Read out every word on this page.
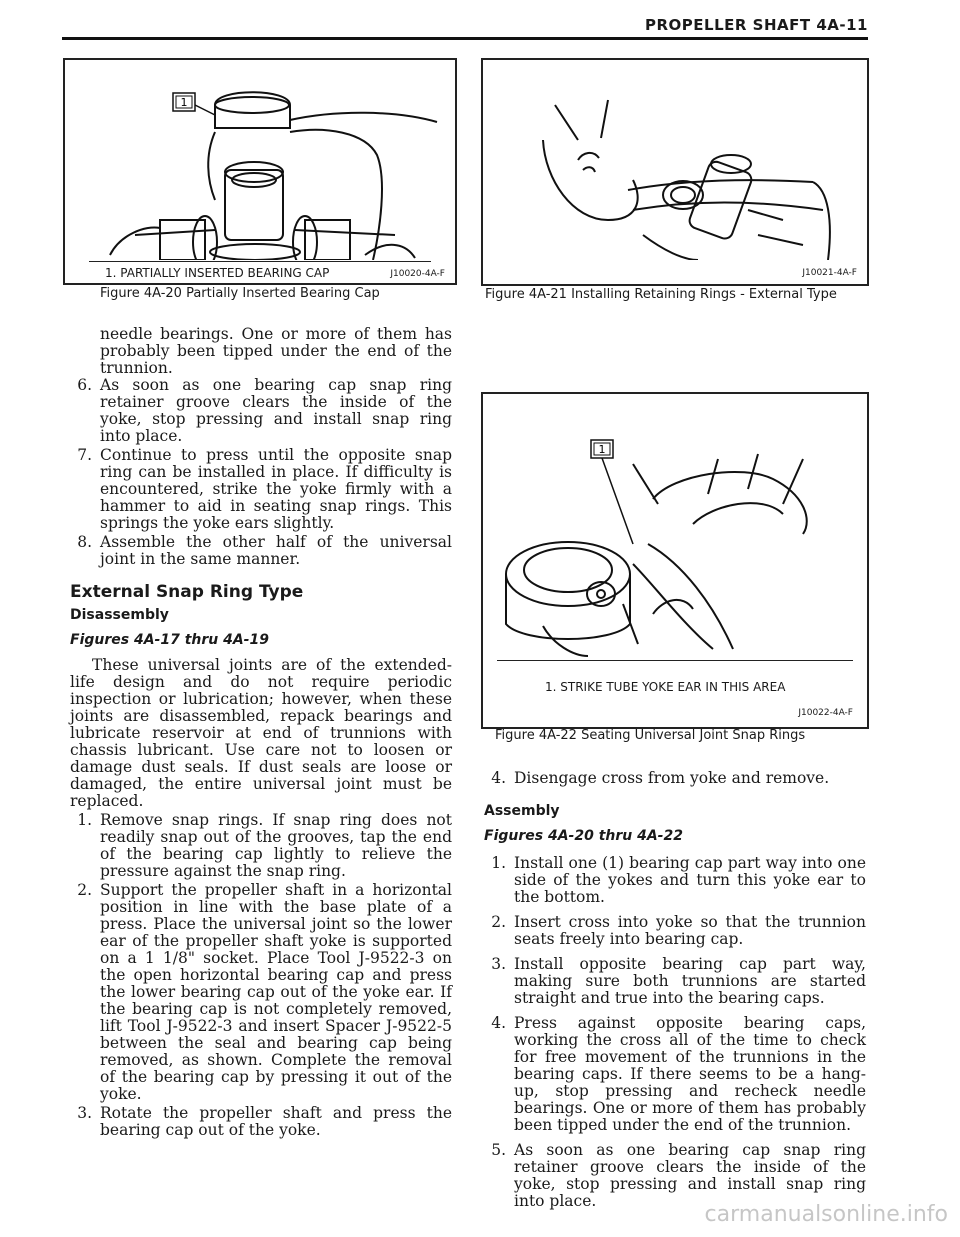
PROPELLER SHAFT 4A-11
1
1. PARTIALLY INSERTED BEARING CAP	J10020-4A-F
Figure 4A-20 Partially Inserted Bearing Cap
J10021-4A-F
Figure 4A-21 Installing Retaining Rings - External Type
1
1. STRIKE TUBE YOKE EAR IN THIS AREA
J10022-4A-F
Figure 4A-22 Seating Universal Joint Snap Rings

needle bearings. One or more of them has probably been tipped under the end of the trunnion.

6. As soon as one bearing cap snap ring retainer groove clears the inside of the yoke, stop pressing and install snap ring into place.
7. Continue to press until the opposite snap ring can be installed in place. If difficulty is encountered, strike the yoke firmly with a hammer to aid in seating snap rings. This springs the yoke ears slightly.
8. Assemble the other half of the universal joint in the same manner.
External Snap Ring Type
Disassembly
Figures 4A-17 thru 4A-19

These universal joints are of the extended-life design and do not require periodic inspection or lubrication; however, when these joints are disassembled, repack bearings and lubricate reservoir at end of trunnions with chassis lubricant. Use care not to loosen or damage dust seals. If dust seals are loose or damaged, the entire universal joint must be replaced.

1. Remove snap rings. If snap ring does not readily snap out of the grooves, tap the end of the bearing cap lightly to relieve the pressure against the snap ring.
2. Support the propeller shaft in a horizontal position in line with the base plate of a press. Place the universal joint so the lower ear of the propeller shaft yoke is supported on a 1 1/8" socket. Place Tool J-9522-3 on the open horizontal bearing cap and press the lower bearing cap out of the yoke ear. If the bearing cap is not completely removed, lift Tool J-9522-3 and insert Spacer J-9522-5 between the seal and bearing cap being removed, as shown. Complete the removal of the bearing cap by pressing it out of the yoke.
3. Rotate the propeller shaft and press the bearing cap out of the yoke.
4. Disengage cross from yoke and remove.
Assembly
Figures 4A-20 thru 4A-22
1. Install one (1) bearing cap part way into one side of the yokes and turn this yoke ear to the bottom.
2. Insert cross into yoke so that the trunnion seats freely into bearing cap.
3. Install opposite bearing cap part way, making sure both trunnions are started straight and true into the bearing caps.
4. Press against opposite bearing caps, working the cross all of the time to check for free movement of the trunnions in the bearing caps. If there seems to be a hang-up, stop pressing and recheck needle bearings. One or more of them has probably been tipped under the end of the trunnion.
5. As soon as one bearing cap snap ring retainer groove clears the inside of the yoke, stop pressing and install snap ring into place.
carmanualsonline.info
